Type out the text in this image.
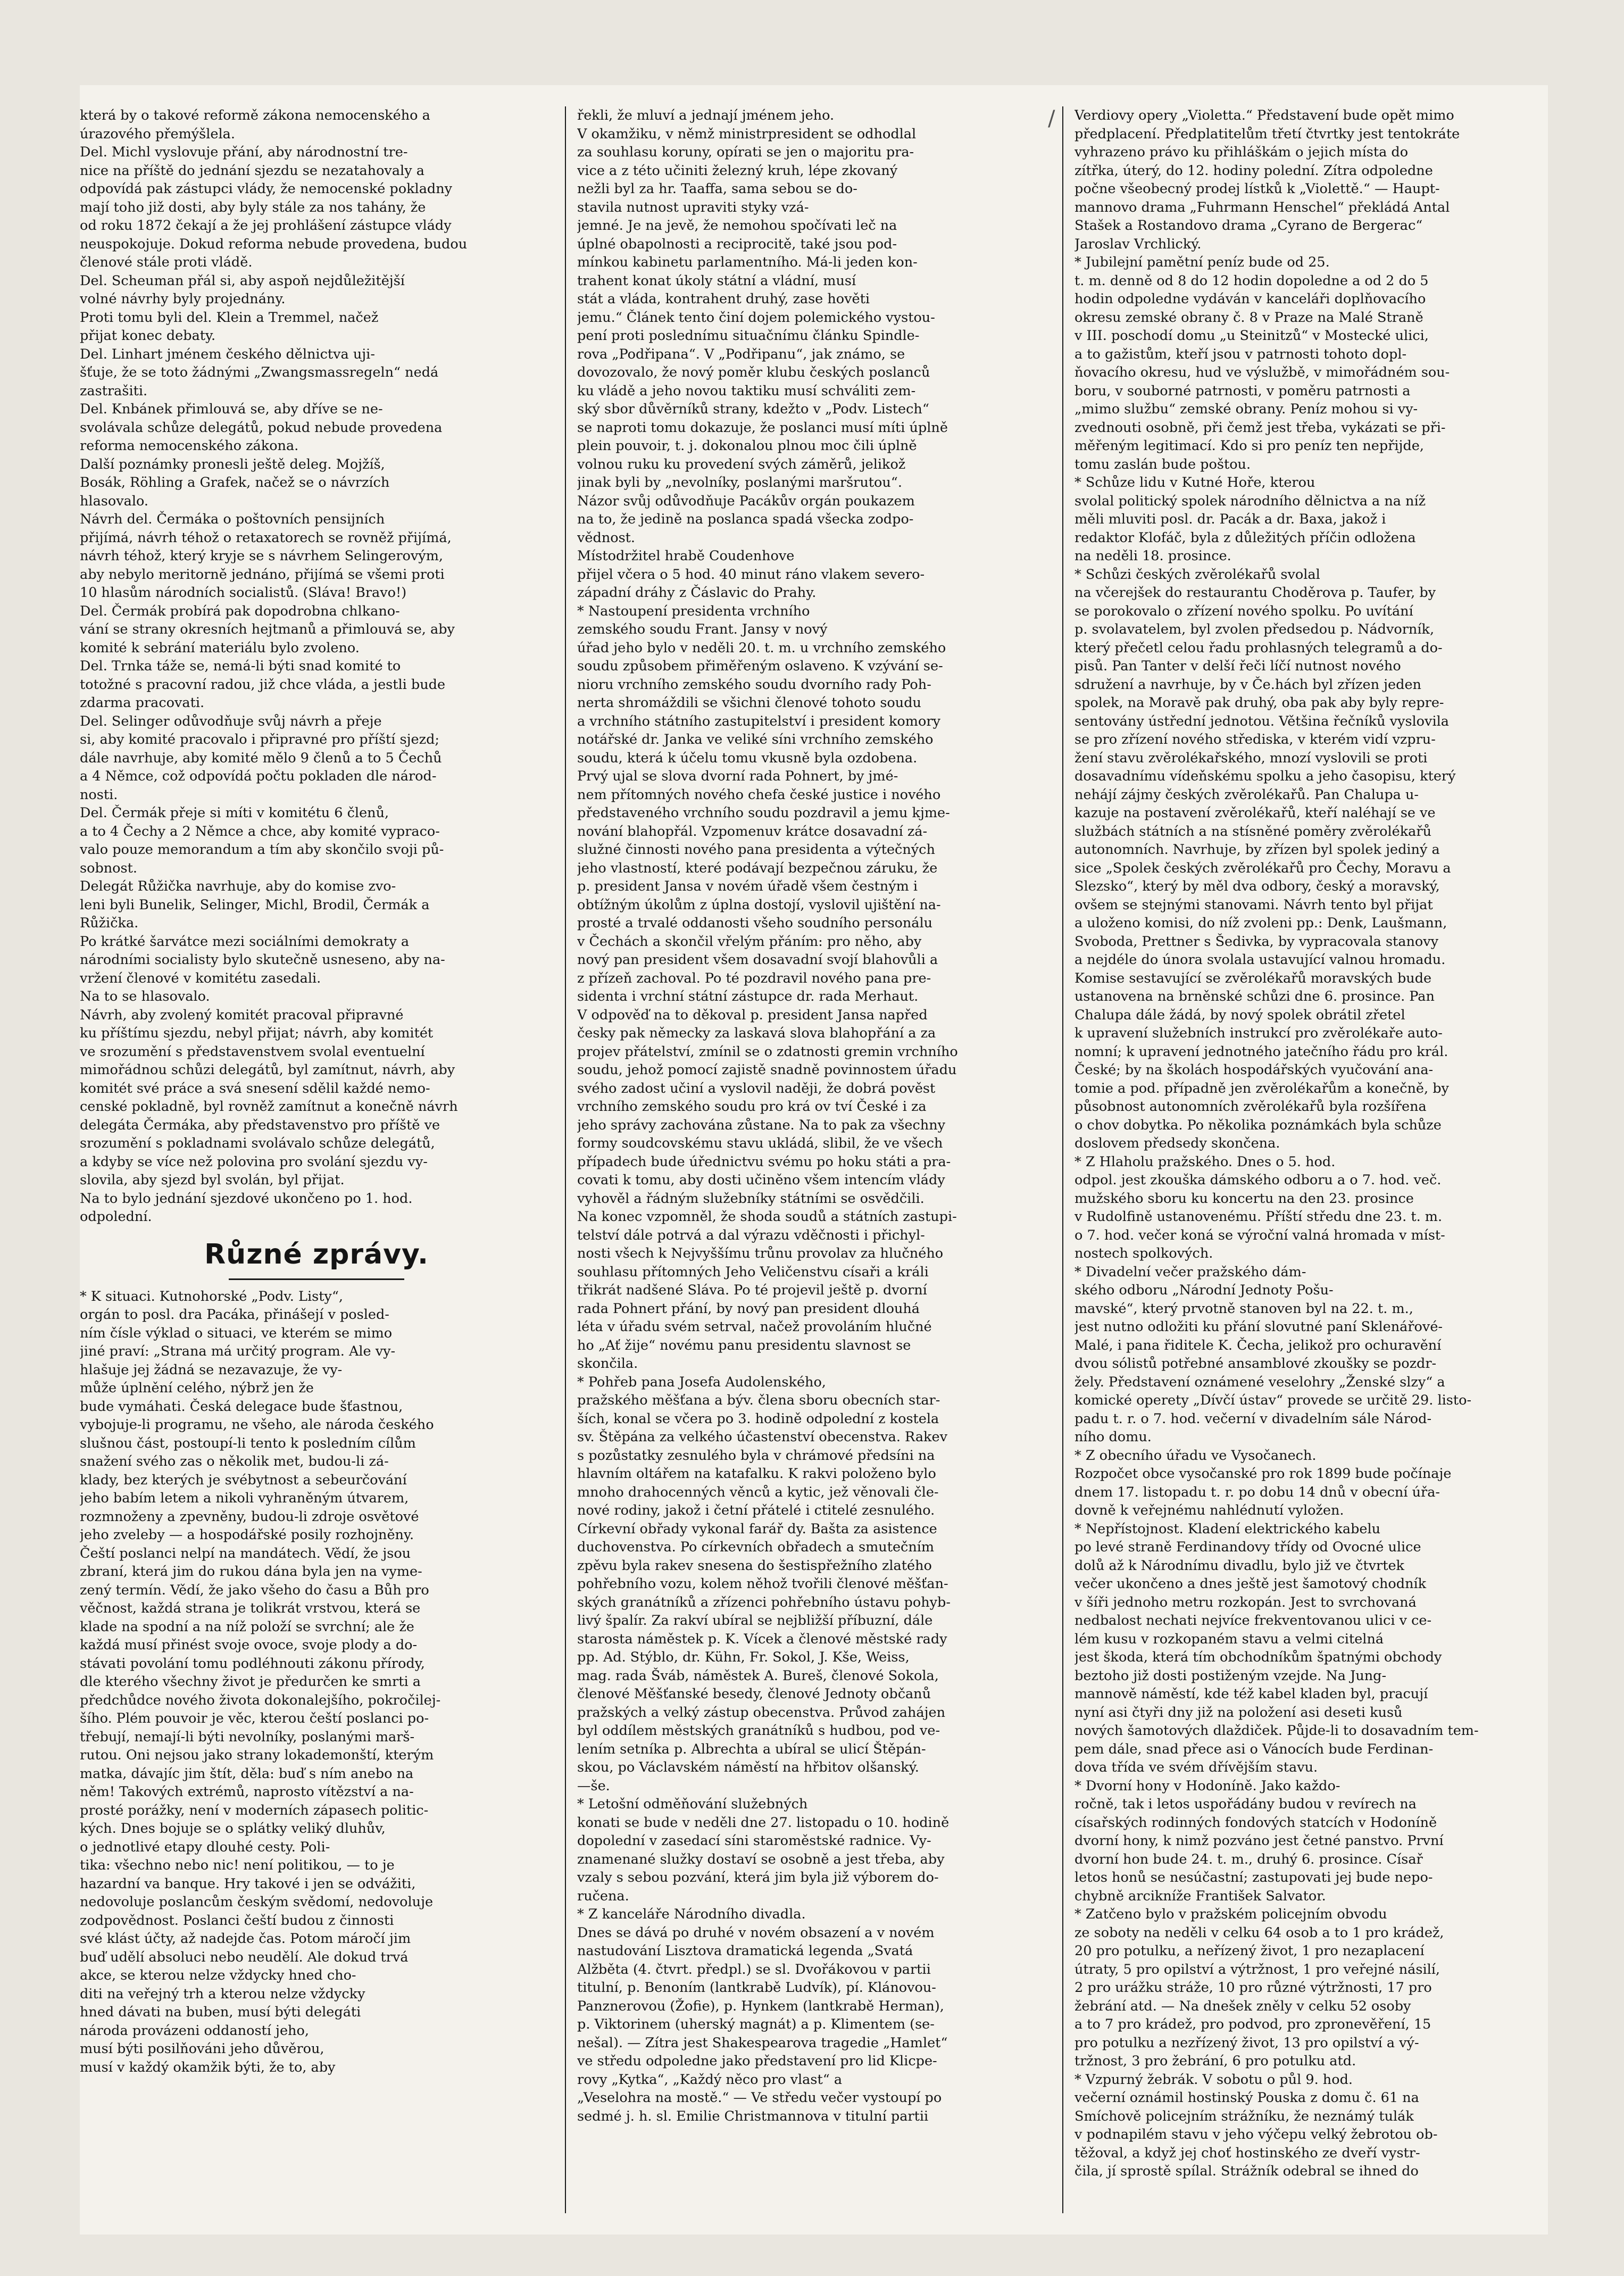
/
která by o takové reformě zákona nemocenského a
úrazového přemýšlela.
Del. Michl vyslovuje přání, aby národnostní tre-
nice na příště do jednání sjezdu se nezatahovaly a
odpovídá pak zástupci vlády, že nemocenské pokladny
mají toho již dosti, aby byly stále za nos tahány, že
od roku 1872 čekají a že jej prohlášení zástupce vlády
neuspokojuje. Dokud reforma nebude provedena, budou
členové stále proti vládě.
Del. Scheuman přál si, aby aspoň nejdůležitější
volné návrhy byly projednány.
Proti tomu byli del. Klein a Tremmel, načež
přijat konec debaty.
Del. Linhart jménem českého dělnictva uji-
šťuje, že se toto žádnými „Zwangsmassregeln“ nedá
zastrašiti.
Del. Knbánek přimlouvá se, aby dříve se ne-
svolávala schůze delegátů, pokud nebude provedena
reforma nemocenského zákona.
Další poznámky pronesli ještě deleg. Mojžíš,
Bosák, Röhling a Grafek, načež se o návrzích
hlasovalo.
Návrh del. Čermáka o poštovních pensijních
přijímá, návrh téhož o retaxatorech se rovněž přijímá,
návrh téhož, který kryje se s návrhem Selingerovým,
aby nebylo meritorně jednáno, přijímá se všemi proti
10 hlasům národních socialistů. (Sláva! Bravo!)
Del. Čermák probírá pak dopodrobna chlkano-
vání se strany okresních hejtmanů a přimlouvá se, aby
komité k sebrání materiálu bylo zvoleno.
Del. Trnka táže se, nemá-li býti snad komité to
totožné s pracovní radou, již chce vláda, a jestli bude
zdarma pracovati.
Del. Selinger odůvodňuje svůj návrh a přeje
si, aby komité pracovalo i připravné pro příští sjezd;
dále navrhuje, aby komité mělo 9 členů a to 5 Čechů
a 4 Němce, což odpovídá počtu pokladen dle národ-
nosti.
Del. Čermák přeje si míti v komitétu 6 členů,
a to 4 Čechy a 2 Němce a chce, aby komité vypraco-
valo pouze memorandum a tím aby skončilo svoji pů-
sobnost.
Delegát Růžička navrhuje, aby do komise zvo-
leni byli Bunelik, Selinger, Michl, Brodil, Čermák a
Růžička.
Po krátké šarvátce mezi sociálními demokraty a
národními socialisty bylo skutečně usneseno, aby na-
vržení členové v komitétu zasedali.
Na to se hlasovalo.
Návrh, aby zvolený komitét pracoval připravné
ku příštímu sjezdu, nebyl přijat; návrh, aby komitét
ve srozumění s představenstvem svolal eventuelní
mimořádnou schůzi delegátů, byl zamítnut, návrh, aby
komitét své práce a svá snesení sdělil každé nemo-
censké pokladně, byl rovněž zamítnut a konečně návrh
delegáta Čermáka, aby představenstvo pro příště ve
srozumění s pokladnami svolávalo schůze delegátů,
a kdyby se více než polovina pro svolání sjezdu vy-
slovila, aby sjezd byl svolán, byl přijat.
Na to bylo jednání sjezdové ukončeno po 1. hod.
odpolední.
Různé zprávy.
* K situaci. Kutnohorské „Podv. Listy“,
orgán to posl. dra Pacáka, přinášejí v posled-
ním čísle výklad o situaci, ve kterém se mimo
jiné praví: „Strana má určitý program. Ale vy-
hlašuje jej žádná se nezavazuje, že vy-
může úplnění celého, nýbrž jen že
bude vymáhati. Česká delegace bude šťastnou,
vybojuje-li programu, ne všeho, ale národa českého
slušnou část, postoupí-li tento k posledním cílům
snažení svého zas o několik met, budou-li zá-
klady, bez kterých je svébytnost a sebeurčování
jeho babím letem a nikoli vyhraněným útvarem,
rozmnoženy a zpevněny, budou-li zdroje osvětové
jeho zveleby — a hospodářské posily rozhojněny.
Čeští poslanci nelpí na mandátech. Vědí, že jsou
zbraní, která jim do rukou dána byla jen na vyme-
zený termín. Vědí, že jako všeho do času a Bůh pro
věčnost, každá strana je tolikrát vrstvou, která se
klade na spodní a na níž položí se svrchní; ale že
každá musí přinést svoje ovoce, svoje plody a do-
stávati povolání tomu podléhnouti zákonu přírody,
dle kterého všechny život je předurčen ke smrti a
předchůdce nového života dokonalejšího, pokročilej-
šího. Plém pouvoir je věc, kterou čeští poslanci po-
třebují, nemají-li býti nevolníky, poslanými marš-
rutou. Oni nejsou jako strany lokademonští, kterým
matka, dávajíc jim štít, děla: buď s ním anebo na
něm! Takových extrémů, naprosto vítězství a na-
prosté porážky, není v moderních zápasech politic-
kých. Dnes bojuje se o splátky veliký dluhův,
o jednotlivé etapy dlouhé cesty. Poli-
tika: všechno nebo nic! není politikou, — to je
hazardní va banque. Hry takové i jen se odvážiti,
nedovoluje poslancům českým svědomí, nedovoluje
zodpovědnost. Poslanci čeští budou z činnosti
své klást účty, až nadejde čas. Potom máročí jim
buď udělí absoluci nebo neudělí. Ale dokud trvá
akce, se kterou nelze vždycky hned cho-
diti na veřejný trh a kterou nelze vždycky
hned dávati na buben, musí býti delegáti
národa provázeni oddaností jeho,
musí býti posilňováni jeho důvěrou,
musí v každý okamžik býti, že to, aby
řekli, že mluví a jednají jménem jeho.
V okamžiku, v němž ministrpresident se odhodlal
za souhlasu koruny, opírati se jen o majoritu pra-
vice a z této učiniti železný kruh, lépe zkovaný
nežli byl za hr. Taaffa, sama sebou se do-
stavila nutnost upraviti styky vzá-
jemné. Je na jevě, že nemohou spočívati leč na
úplné obapolnosti a reciprocitě, také jsou pod-
mínkou kabinetu parlamentního. Má-li jeden kon-
trahent konat úkoly státní a vládní, musí
stát a vláda, kontrahent druhý, zase hověti
jemu.“ Článek tento činí dojem polemického vystou-
pení proti poslednímu situačnímu článku Spindle-
rova „Podřipana“. V „Podřipanu“, jak známo, se
dovozovalo, že nový poměr klubu českých poslanců
ku vládě a jeho novou taktiku musí schváliti zem-
ský sbor důvěrníků strany, kdežto v „Podv. Listech“
se naproti tomu dokazuje, že poslanci musí míti úplně
plein pouvoir, t. j. dokonalou plnou moc čili úplně
volnou ruku ku provedení svých záměrů, jelikož
jinak byli by „nevolníky, poslanými maršrutou“.
Názor svůj odůvodňuje Pacákův orgán poukazem
na to, že jedině na poslanca spadá všecka zodpo-
vědnost.
Místodržitel hrabě Coudenhove
přijel včera o 5 hod. 40 minut ráno vlakem severo-
západní dráhy z Čáslavic do Prahy.
* Nastoupení presidenta vrchního
zemského soudu Frant. Jansy v nový
úřad jeho bylo v neděli 20. t. m. u vrchního zemského
soudu způsobem přiměřeným oslaveno. K vzývání se-
nioru vrchního zemského soudu dvorního rady Poh-
nerta shromáždili se všichni členové tohoto soudu
a vrchního státního zastupitelství i president komory
notářské dr. Janka ve veliké síni vrchního zemského
soudu, která k účelu tomu vkusně byla ozdobena.
Prvý ujal se slova dvorní rada Pohnert, by jmé-
nem přítomných nového chefa české justice i nového
představeného vrchního soudu pozdravil a jemu kjme-
nování blahopřál. Vzpomenuv krátce dosavadní zá-
služné činnosti nového pana presidenta a výtečných
jeho vlastností, které podávají bezpečnou záruku, že
p. president Jansa v novém úřadě všem čestným i
obtížným úkolům z úplna dostojí, vyslovil ujištění na-
prosté a trvalé oddanosti všeho soudního personálu
v Čechách a skončil vřelým přáním: pro něho, aby
nový pan president všem dosavadní svojí blahovůli a
z přízeň zachoval. Po té pozdravil nového pana pre-
sidenta i vrchní státní zástupce dr. rada Merhaut.
V odpověď na to děkoval p. president Jansa napřed
česky pak německy za laskavá slova blahopřání a za
projev přátelství, zmínil se o zdatnosti gremin vrchního
soudu, jehož pomocí zajistě snadně povinnostem úřadu
svého zadost učiní a vyslovil naději, že dobrá pověst
vrchního zemského soudu pro krá ov tví České i za
jeho správy zachována zůstane. Na to pak za všechny
formy soudcovskému stavu ukládá, slibil, že ve všech
případech bude úřednictvu svému po hoku státi a pra-
covati k tomu, aby dosti učiněno všem intencím vlády
vyhověl a řádným služebníky státními se osvědčili.
Na konec vzpomněl, že shoda soudů a státních zastupi-
telství dále potrvá a dal výrazu vděčnosti i přichyl-
nosti všech k Nejvyššímu trůnu provolav za hlučného
souhlasu přítomných Jeho Veličenstvu císaři a králi
třikrát nadšené Sláva. Po té projevil ještě p. dvorní
rada Pohnert přání, by nový pan president dlouhá
léta v úřadu svém setrval, načež provoláním hlučné
ho „Ať žije“ novému panu presidentu slavnost se
skončila.
* Pohřeb pana Josefa Audolenského,
pražského měšťana a býv. člena sboru obecních star-
ších, konal se včera po 3. hodině odpolední z kostela
sv. Štěpána za velkého účastenství obecenstva. Rakev
s pozůstatky zesnulého byla v chrámové předsíni na
hlavním oltářem na katafalku. K rakvi položeno bylo
mnoho drahocenných věnců a kytic, jež věnovali čle-
nové rodiny, jakož i četní přátelé i ctitelé zesnulého.
Církevní obřady vykonal farář dy. Bašta za asistence
duchovenstva. Po církevních obřadech a smutečním
zpěvu byla rakev snesena do šestispřežního zlatého
pohřebního vozu, kolem něhož tvořili členové měšťan-
ských granátníků a zřízenci pohřebního ústavu pohyb-
livý špalír. Za rakví ubíral se nejbližší příbuzní, dále
starosta náměstek p. K. Vícek a členové městské rady
pp. Ad. Stýblo, dr. Kühn, Fr. Sokol, J. Kše, Weiss,
mag. rada Šváb, náměstek A. Bureš, členové Sokola,
členové Měšťanské besedy, členové Jednoty občanů
pražských a velký zástup obecenstva. Průvod zahájen
byl oddílem městských granátníků s hudbou, pod ve-
lením setníka p. Albrechta a ubíral se ulicí Štěpán-
skou, po Václavském náměstí na hřbitov olšanský.
—še.
* Letošní odměňování služebných
konati se bude v neděli dne 27. listopadu o 10. hodině
dopolední v zasedací síni staroměstské radnice. Vy-
znamenané služky dostaví se osobně a jest třeba, aby
vzaly s sebou pozvání, která jim byla již výborem do-
ručena.
* Z kanceláře Národního divadla.
Dnes se dává po druhé v novém obsazení a v novém
nastudování Lisztova dramatická legenda „Svatá
Alžběta (4. čtvrt. předpl.) se sl. Dvořákovou v partii
titulní, p. Benoním (lantkrabě Ludvík), pí. Klánovou-
Panznerovou (Žofie), p. Hynkem (lantkrabě Herman),
p. Viktorinem (uherský magnát) a p. Klimentem (se-
nešal). — Zítra jest Shakespearova tragedie „Hamlet“
ve středu odpoledne jako představení pro lid Klicpe-
rovy „Kytka“, „Každý něco pro vlast“ a
„Veselohra na mostě.“ — Ve středu večer vystoupí po
sedmé j. h. sl. Emilie Christmannova v titulní partii
Verdiovy opery „Violetta.“ Představení bude opět mimo
předplacení. Předplatitelům třetí čtvrtky jest tentokráte
vyhrazeno právo ku přihláškám o jejich místa do
zítřka, úterý, do 12. hodiny polední. Zítra odpoledne
počne všeobecný prodej lístků k „Violettě.“ — Haupt-
mannovo drama „Fuhrmann Henschel“ překládá Antal
Stašek a Rostandovo drama „Cyrano de Bergerac“
Jaroslav Vrchlický.
* Jubilejní pamětní peníz bude od 25.
t. m. denně od 8 do 12 hodin dopoledne a od 2 do 5
hodin odpoledne vydáván v kanceláři doplňovacího
okresu zemské obrany č. 8 v Praze na Malé Straně
v III. poschodí domu „u Steinitzů“ v Mostecké ulici,
a to gažistům, kteří jsou v patrnosti tohoto dopl-
ňovacího okresu, hud ve výslužbě, v mimořádném sou-
boru, v souborné patrnosti, v poměru patrnosti a
„mimo službu“ zemské obrany. Peníz mohou si vy-
zvednouti osobně, při čemž jest třeba, vykázati se při-
měřeným legitimací. Kdo si pro peníz ten nepřijde,
tomu zaslán bude poštou.
* Schůze lidu v Kutné Hoře, kterou
svolal politický spolek národního dělnictva a na níž
měli mluviti posl. dr. Pacák a dr. Baxa, jakož i
redaktor Klofáč, byla z důležitých příčin odložena
na neděli 18. prosince.
* Schůzi českých zvěrolékařů svolal
na včerejšek do restaurantu Choděrova p. Taufer, by
se porokovalo o zřízení nového spolku. Po uvítání
p. svolavatelem, byl zvolen předsedou p. Nádvorník,
který přečetl celou řadu prohlasných telegramů a do-
pisů. Pan Tanter v delší řeči líčí nutnost nového
sdružení a navrhuje, by v Če.hách byl zřízen jeden
spolek, na Moravě pak druhý, oba pak aby byly repre-
sentovány ústřední jednotou. Většina řečníků vyslovila
se pro zřízení nového střediska, v kterém vidí vzpru-
žení stavu zvěrolékařského, mnozí vyslovili se proti
dosavadnímu vídeňskému spolku a jeho časopisu, který
nehájí zájmy českých zvěrolékařů. Pan Chalupa u-
kazuje na postavení zvěrolékařů, kteří naléhají se ve
službách státních a na stísněné poměry zvěrolékařů
autonomních. Navrhuje, by zřízen byl spolek jediný a
sice „Spolek českých zvěrolékařů pro Čechy, Moravu a
Slezsko“, který by měl dva odbory, český a moravský,
ovšem se stejnými stanovami. Návrh tento byl přijat
a uloženo komisi, do níž zvoleni pp.: Denk, Laušmann,
Svoboda, Prettner s Šedivka, by vypracovala stanovy
a nejdéle do února svolala ustavující valnou hromadu.
Komise sestavující se zvěrolékařů moravských bude
ustanovena na brněnské schůzi dne 6. prosince. Pan
Chalupa dále žádá, by nový spolek obrátil zřetel
k upravení služebních instrukcí pro zvěrolékaře auto-
nomní; k upravení jednotného jatečního řádu pro král.
České; by na školách hospodářských vyučování ana-
tomie a pod. případně jen zvěrolékařům a konečně, by
působnost autonomních zvěrolékařů byla rozšířena
o chov dobytka. Po několika poznámkách byla schůze
doslovem předsedy skončena.
* Z Hlaholu pražského. Dnes o 5. hod.
odpol. jest zkouška dámského odboru a o 7. hod. več.
mužského sboru ku koncertu na den 23. prosince
v Rudolfině ustanovenému. Příští středu dne 23. t. m.
o 7. hod. večer koná se výroční valná hromada v míst-
nostech spolkových.
* Divadelní večer pražského dám-
ského odboru „Národní Jednoty Pošu-
mavské“, který prvotně stanoven byl na 22. t. m.,
jest nutno odložiti ku přání slovutné paní Sklenářové-
Malé, i pana řiditele K. Čecha, jelikož pro ochuravění
dvou sólistů potřebné ansamblové zkoušky se pozdr-
žely. Představení oznámené veselohry „Ženské slzy“ a
komické operety „Dívčí ústav“ provede se určitě 29. listo-
padu t. r. o 7. hod. večerní v divadelním sále Národ-
ního domu.
* Z obecního úřadu ve Vysočanech.
Rozpočet obce vysočanské pro rok 1899 bude počínaje
dnem 17. listopadu t. r. po dobu 14 dnů v obecní úřa-
dovně k veřejnému nahlédnutí vyložen.
* Nepřístojnost. Kladení elektrického kabelu
po levé straně Ferdinandovy třídy od Ovocné ulice
dolů až k Národnímu divadlu, bylo již ve čtvrtek
večer ukončeno a dnes ještě jest šamotový chodník
v šíři jednoho metru rozkopán. Jest to svrchovaná
nedbalost nechati nejvíce frekventovanou ulici v ce-
lém kusu v rozkopaném stavu a velmi citelná
jest škoda, která tím obchodníkům špatnými obchody
beztoho již dosti postiženým vzejde. Na Jung-
mannově náměstí, kde též kabel kladen byl, pracují
nyní asi čtyři dny již na položení asi deseti kusů
nových šamotových dlaždiček. Půjde-li to dosavadním tem-
pem dále, snad přece asi o Vánocích bude Ferdinan-
dova třída ve svém dřívějším stavu.
* Dvorní hony v Hodoníně. Jako každo-
ročně, tak i letos uspořádány budou v revírech na
císařských rodinných fondových statcích v Hodoníně
dvorní hony, k nimž pozváno jest četné panstvo. První
dvorní hon bude 24. t. m., druhý 6. prosince. Císař
letos honů se nesúčastní; zastupovati jej bude nepo-
chybně arcikníže František Salvator.
* Zatčeno bylo v pražském policejním obvodu
ze soboty na neděli v celku 64 osob a to 1 pro krádež,
20 pro potulku, a neřízený život, 1 pro nezaplacení
útraty, 5 pro opilství a výtržnost, 1 pro veřejné násilí,
2 pro urážku stráže, 10 pro různé výtržnosti, 17 pro
žebrání atd. — Na dnešek zněly v celku 52 osoby
a to 7 pro krádež, pro podvod, pro zpronevěření, 15
pro potulku a nezřízený život, 13 pro opilství a vý-
tržnost, 3 pro žebrání, 6 pro potulku atd.
* Vzpurný žebrák. V sobotu o půl 9. hod.
večerní oznámil hostinský Pouska z domu č. 61 na
Smíchově policejním strážníku, že neznámý tulák
v podnapilém stavu v jeho výčepu velký žebrotou ob-
těžoval, a když jej choť hostinského ze dveří vystr-
čila, jí sprostě spílal. Strážník odebral se ihned do
